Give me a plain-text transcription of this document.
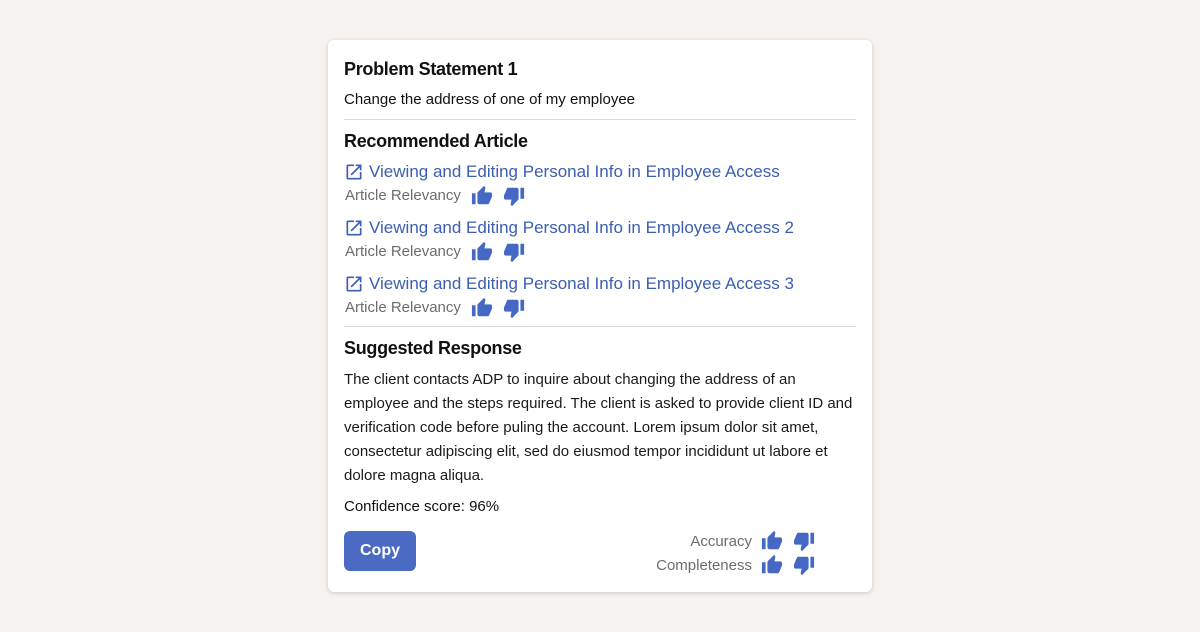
Problem Statement 1
Change the address of one of my employee
Recommended Article
Viewing and Editing Personal Info in Employee Access
Article Relevancy
Viewing and Editing Personal Info in Employee Access 2
Article Relevancy
Viewing and Editing Personal Info in Employee Access 3
Article Relevancy
Suggested Response
The client contacts ADP to inquire about changing the address of an employee and the steps required. The client is asked to provide client ID and verification code before puling the account. Lorem ipsum dolor sit amet, consectetur adipiscing elit, sed do eiusmod tempor incididunt ut labore et dolore magna aliqua.
Confidence score: 96%
Copy
Accuracy
Completeness
